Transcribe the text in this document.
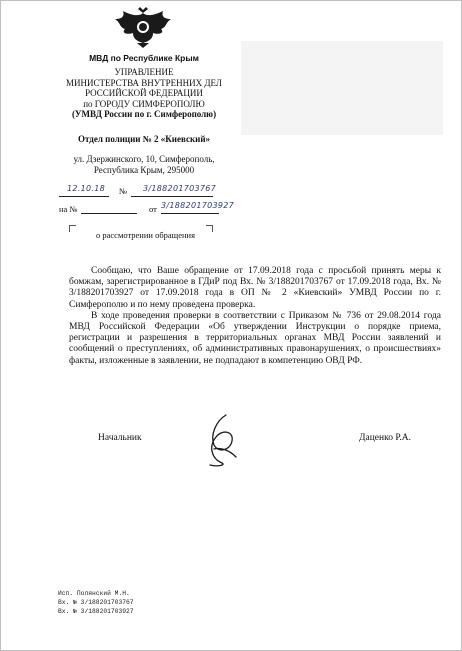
МВД по Республике Крым
УПРАВЛЕНИЕ
МИНИСТЕРСТВА ВНУТРЕННИХ ДЕЛ
РОССИЙСКОЙ ФЕДЕРАЦИИ
по ГОРОДУ СИМФЕРОПОЛЮ
(УМВД России по г. Симферополю)
Отдел полиции № 2 «Киевский»
ул. Дзержинского, 10, Симферополь,
Республика Крым, 295000
12.10.18 № 3/188201703767
на №	от 3/188201703927
о рассмотрении обращения

Сообщаю, что Ваше обращение от 17.09.2018 года с просьбой принять меры к бомжам, зарегистрированное в ГДиР под Вх. № 3/188201703767 от 17.09.2018 года, Вх. № 3/188201703927 от 17.09.2018 года в ОП № 2 «Киевский» УМВД России по г. Симферополю и по нему проведена проверка.

В ходе проведения проверки в соответствии с Приказом № 736 от 29.08.2014 года МВД Российской Федерации «Об утверждении Инструкции о порядке приема, регистрации и разрешения в территориальных органах МВД России заявлений и сообщений о преступлениях, об административных правонарушениях, о происшествиях» факты, изложенные в заявлении, не подпадают в компетенцию ОВД РФ.

Начальник	Даценко Р.А.
Исп. Полянский М.Н.
Вх. № 3/188201703767
Вх. № 3/188201703927
